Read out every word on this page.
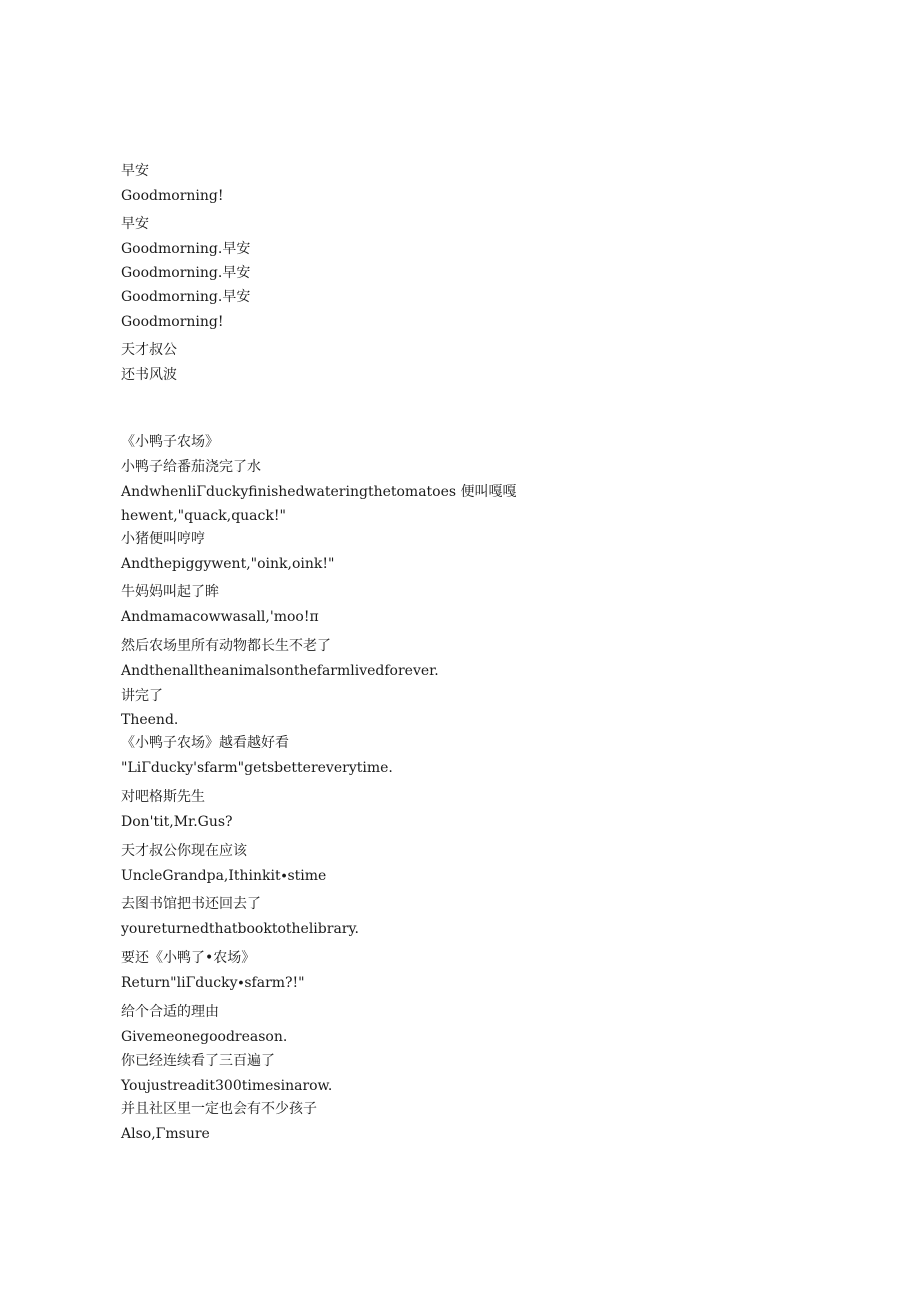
早安
Goodmorning!
早安
Goodmorning.早安
Goodmorning.早安
Goodmorning.早安
Goodmorning!
天才叔公
还书风波
《小鸭子农场》
小鸭子给番茄浇完了水
AndwhenliΓduckyfinishedwateringthetomatoes 便叫嘎嘎
hewent,"quack,quack!"
小猪便叫哼哼
Andthepiggywent,"oink,oink!"
牛妈妈叫起了眸
Andmamacowwasall,'moo!π
然后农场里所有动物都长生不老了
Andthenalltheanimalsonthefarmlivedforever.
讲完了
Theend.
《小鸭子农场》越看越好看
"LiΓducky'sfarm"getsbettereverytime.
对吧格斯先生
Don'tit,Mr.Gus?
天才叔公你现在应该
UncleGrandpa,Ithinkit∙stime
去图书馆把书还回去了
youreturnedthatbooktothelibrary.
要还《小鸭了•农场》
Return"liΓducky∙sfarm?!"
给个合适的理由
Givemeonegoodreason.
你已经连续看了三百遍了
Youjustreadit300timesinarow.
并且社区里一定也会有不少孩子
Also,Γmsure
